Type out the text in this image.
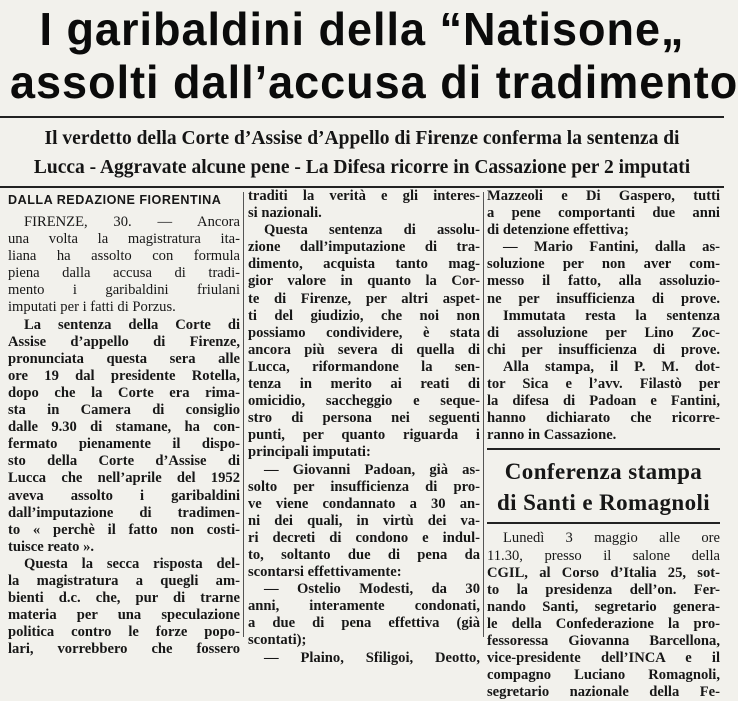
I garibaldini della “Natisone„
assolti dall’accusa di tradimento
Il verdetto della Corte d’Assise d’Appello di Firenze conferma la sentenza di
Lucca - Aggravate alcune pene - La Difesa ricorre in Cassazione per 2 imputati
DALLA REDAZIONE FIORENTINA
FIRENZE, 30. — Ancora
una volta la magistratura ita-
liana ha assolto con formula
piena dalla accusa di tradi-
mento i garibaldini friulani
imputati per i fatti di Porzus.
La sentenza della Corte di
Assise d’appello di Firenze,
pronunciata questa sera alle
ore 19 dal presidente Rotella,
dopo che la Corte era rima-
sta in Camera di consiglio
dalle 9.30 di stamane, ha con-
fermato pienamente il dispo-
sto della Corte d’Assise di
Lucca che nell’aprile del 1952
aveva assolto i garibaldini
dall’imputazione di tradimen-
to « perchè il fatto non costi-
tuisce reato ».
Questa la secca risposta del-
la magistratura a quegli am-
bienti d.c. che, pur di trarne
materia per una speculazione
politica contro le forze popo-
lari, vorrebbero che fossero
traditi la verità e gli interes-
si nazionali.
Questa sentenza di assolu-
zione dall’imputazione di tra-
dimento, acquista tanto mag-
gior valore in quanto la Cor-
te di Firenze, per altri aspet-
ti del giudizio, che noi non
possiamo condividere, è stata
ancora più severa di quella di
Lucca, riformandone la sen-
tenza in merito ai reati di
omicidio, saccheggio e seque-
stro di persona nei seguenti
punti, per quanto riguarda i
principali imputati:
— Giovanni Padoan, già as-
solto per insufficienza di pro-
ve viene condannato a 30 an-
ni dei quali, in virtù dei va-
ri decreti di condono e indul-
to, soltanto due di pena da
scontarsi effettivamente:
— Ostelio Modesti, da 30
anni, interamente condonati,
a due di pena effettiva (già
scontati);
— Plaino, Sfiligoi, Deotto,
Mazzeoli e Di Gaspero, tutti
a pene comportanti due anni
di detenzione effettiva;
— Mario Fantini, dalla as-
soluzione per non aver com-
messo il fatto, alla assoluzio-
ne per insufficienza di prove.
Immutata resta la sentenza
di assoluzione per Lino Zoc-
chi per insufficienza di prove.
Alla stampa, il P. M. dot-
tor Sica e l’avv. Filastò per
la difesa di Padoan e Fantini,
hanno dichiarato che ricorre-
ranno in Cassazione.
Conferenza stampa
di Santi e Romagnoli
Lunedì 3 maggio alle ore
11.30, presso il salone della
CGIL, al Corso d’Italia 25, sot-
to la presidenza dell’on. Fer-
nando Santi, segretario genera-
le della Confederazione la pro-
fessoressa Giovanna Barcellona,
vice-presidente dell’INCA e il
compagno Luciano Romagnoli,
segretario nazionale della Fe-
